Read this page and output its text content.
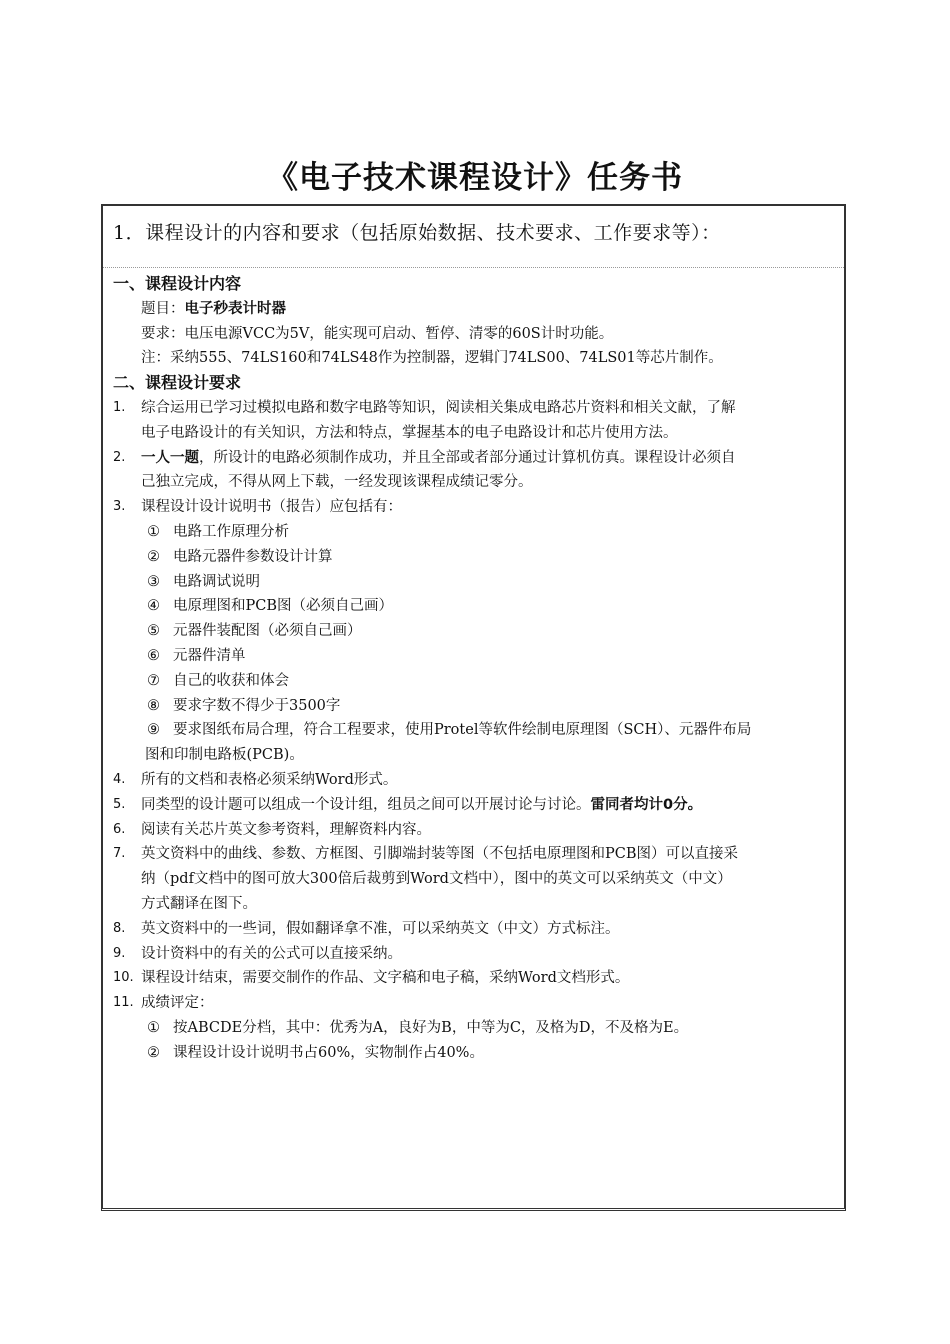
《电子技术课程设计》任务书
1．课程设计的内容和要求（包括原始数据、技术要求、工作要求等）：
一、课程设计内容
题目：电子秒表计时器
要求：电压电源VCC为5V，能实现可启动、暂停、清零的60S计时功能。
注：采纳555、74LS160和74LS48作为控制器，逻辑门74LS00、74LS01等芯片制作。
二、课程设计要求
1. 综合运用已学习过模拟电路和数字电路等知识，阅读相关集成电路芯片资料和相关文献，了解
电子电路设计的有关知识，方法和特点，掌握基本的电子电路设计和芯片使用方法。
2. 一人一题，所设计的电路必须制作成功，并且全部或者部分通过计算机仿真。课程设计必须自
己独立完成，不得从网上下载，一经发现该课程成绩记零分。
3. 课程设计设计说明书（报告）应包括有：
① 电路工作原理分析
② 电路元器件参数设计计算
③ 电路调试说明
④ 电原理图和PCB图（必须自己画）
⑤ 元器件装配图（必须自己画）
⑥ 元器件清单
⑦ 自己的收获和体会
⑧ 要求字数不得少于3500字
⑨ 要求图纸布局合理，符合工程要求，使用Protel等软件绘制电原理图（SCH）、元器件布局
图和印制电路板(PCB)。
4. 所有的文档和表格必须采纳Word形式。
5. 同类型的设计题可以组成一个设计组，组员之间可以开展讨论与讨论。雷同者均计0分。
6. 阅读有关芯片英文参考资料，理解资料内容。
7. 英文资料中的曲线、参数、方框图、引脚端封装等图（不包括电原理图和PCB图）可以直接采
纳（pdf文档中的图可放大300倍后裁剪到Word文档中），图中的英文可以采纳英文（中文）
方式翻译在图下。
8. 英文资料中的一些词，假如翻译拿不准，可以采纳英文（中文）方式标注。
9. 设计资料中的有关的公式可以直接采纳。
10. 课程设计结束，需要交制作的作品、文字稿和电子稿，采纳Word文档形式。
11. 成绩评定：
① 按ABCDE分档，其中：优秀为A，良好为B，中等为C，及格为D，不及格为E。
② 课程设计设计说明书占60%，实物制作占40%。
